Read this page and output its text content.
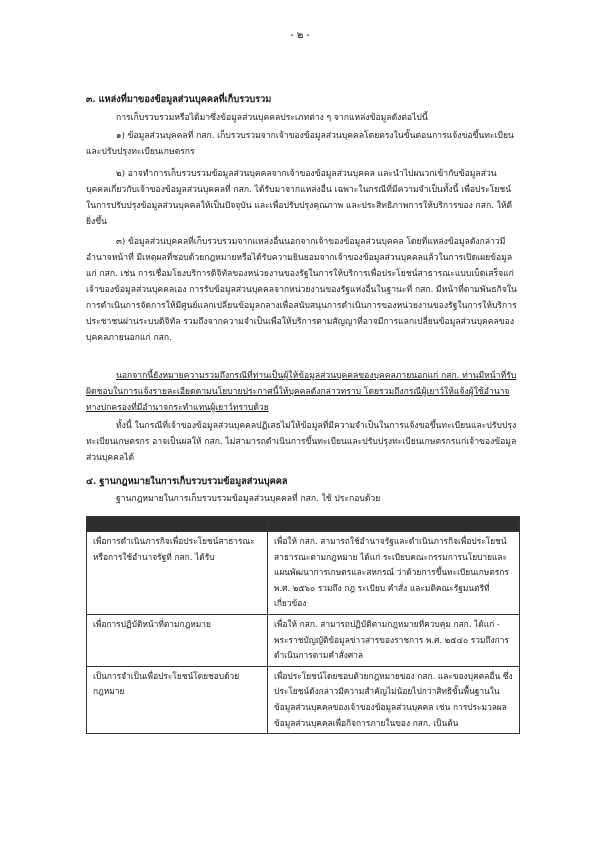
- ๒ -
๓. แหล่งที่มาของข้อมูลส่วนบุคคลที่เก็บรวบรวม
การเก็บรวบรวมหรือได้มาซึ่งข้อมูลส่วนบุคคลประเภทต่าง ๆ จากแหล่งข้อมูลดังต่อไปนี้
๑) ข้อมูลส่วนบุคคลที่ กสก. เก็บรวบรวมจากเจ้าของข้อมูลส่วนบุคคลโดยตรงในขั้นตอนการแจ้งขอขึ้นทะเบียนและปรับปรุงทะเบียนเกษตรกร
๒) อาจทำการเก็บรวบรวมข้อมูลส่วนบุคคลจากเจ้าของข้อมูลส่วนบุคคล และนำไปผนวกเข้ากับข้อมูลส่วนบุคคลเกี่ยวกับเจ้าของข้อมูลส่วนบุคคลที่ กสก. ได้รับมาจากแหล่งอื่น เฉพาะในกรณีที่มีความจำเป็นทั้งนี้ เพื่อประโยชน์ในการปรับปรุงข้อมูลส่วนบุคคลให้เป็นปัจจุบัน และเพื่อปรับปรุงคุณภาพ และประสิทธิภาพการให้บริการของ กสก. ให้ดียิ่งขึ้น
๓) ข้อมูลส่วนบุคคลที่เก็บรวบรวมจากแหล่งอื่นนอกจากเจ้าของข้อมูลส่วนบุคคล โดยที่แหล่งข้อมูลดังกล่าวมีอำนาจหน้าที่ มีเหตุผลที่ชอบด้วยกฎหมายหรือได้รับความยินยอมจากเจ้าของข้อมูลส่วนบุคคลแล้วในการเปิดเผยข้อมูลแก่ กสก. เช่น การเชื่อมโยงบริการดิจิทัลของหน่วยงานของรัฐในการให้บริการเพื่อประโยชน์สาธารณะแบบเบ็ดเสร็จแก่เจ้าของข้อมูลส่วนบุคคลเอง การรับข้อมูลส่วนบุคคลจากหน่วยงานของรัฐแห่งอื่นในฐานะที่ กสก. มีหน้าที่ตามพันธกิจในการดำเนินการจัดการให้มีศูนย์แลกเปลี่ยนข้อมูลกลางเพื่อสนับสนุนการดำเนินการของหน่วยงานของรัฐในการให้บริการประชาชนผ่านระบบดิจิทัล รวมถึงจากความจำเป็นเพื่อให้บริการตามสัญญาที่อาจมีการแลกเปลี่ยนข้อมูลส่วนบุคคลของบุคคลภายนอกแก่ กสก.
นอกจากนี้ยังหมายความรวมถึงกรณีที่ท่านเป็นผู้ให้ข้อมูลส่วนบุคคลของบุคคลภายนอกแก่ กสก. ท่านมีหน้าที่รับผิดชอบในการแจ้งรายละเอียดตามนโยบายประกาศนี้ให้บุคคลดังกล่าวทราบ โดยรวมถึงกรณีผู้เยาว์ให้แจ้งผู้ใช้อำนาจทางปกครองที่มีอำนาจกระทำแทนผู้เยาว์ทราบด้วย
ทั้งนี้ ในกรณีที่เจ้าของข้อมูลส่วนบุคคลปฏิเสธไม่ให้ข้อมูลที่มีความจำเป็นในการแจ้งขอขึ้นทะเบียนและปรับปรุงทะเบียนเกษตรกร อาจเป็นผลให้ กสก. ไม่สามารถดำเนินการขึ้นทะเบียนและปรับปรุงทะเบียนเกษตรกรแก่เจ้าของข้อมูลส่วนบุคคลได้
๔. ฐานกฎหมายในการเก็บรวบรวมข้อมูลส่วนบุคคล
ฐานกฎหมายในการเก็บรวบรวมข้อมูลส่วนบุคคลที่ กสก. ใช้ ประกอบด้วย

เพื่อการดำเนินภารกิจเพื่อประโยชน์สาธารณะหรือการใช้อำนาจรัฐที่ กสก. ได้รับ	เพื่อให้ กสก. สามารถใช้อำนาจรัฐและดำเนินภารกิจเพื่อประโยชน์สาธารณะตามกฎหมาย ได้แก่ ระเบียบคณะกรรมการนโยบายและแผนพัฒนาการเกษตรและสหกรณ์ ว่าด้วยการขึ้นทะเบียนเกษตรกร พ.ศ. ๒๕๖๐ รวมถึง กฎ ระเบียบ คำสั่ง และมติคณะรัฐมนตรีที่เกี่ยวข้อง
เพื่อการปฏิบัติหน้าที่ตามกฎหมาย	เพื่อให้ กสก. สามารถปฏิบัติตามกฎหมายที่ควบคุม กสก. ได้แก่ - พระราชบัญญัติข้อมูลข่าวสารของราชการ พ.ศ. ๒๕๔๐ รวมถึงการดำเนินการตามคำสั่งศาล
เป็นการจำเป็นเพื่อประโยชน์โดยชอบด้วยกฎหมาย	เพื่อประโยชน์โดยชอบด้วยกฎหมายของ กสก. และของบุคคลอื่น ซึ่งประโยชน์ดังกล่าวมีความสำคัญไม่น้อยไปกว่าสิทธิขั้นพื้นฐานในข้อมูลส่วนบุคคลของเจ้าของข้อมูลส่วนบุคคล เช่น การประมวลผลข้อมูลส่วนบุคคลเพื่อกิจการภายในของ กสก. เป็นต้น
